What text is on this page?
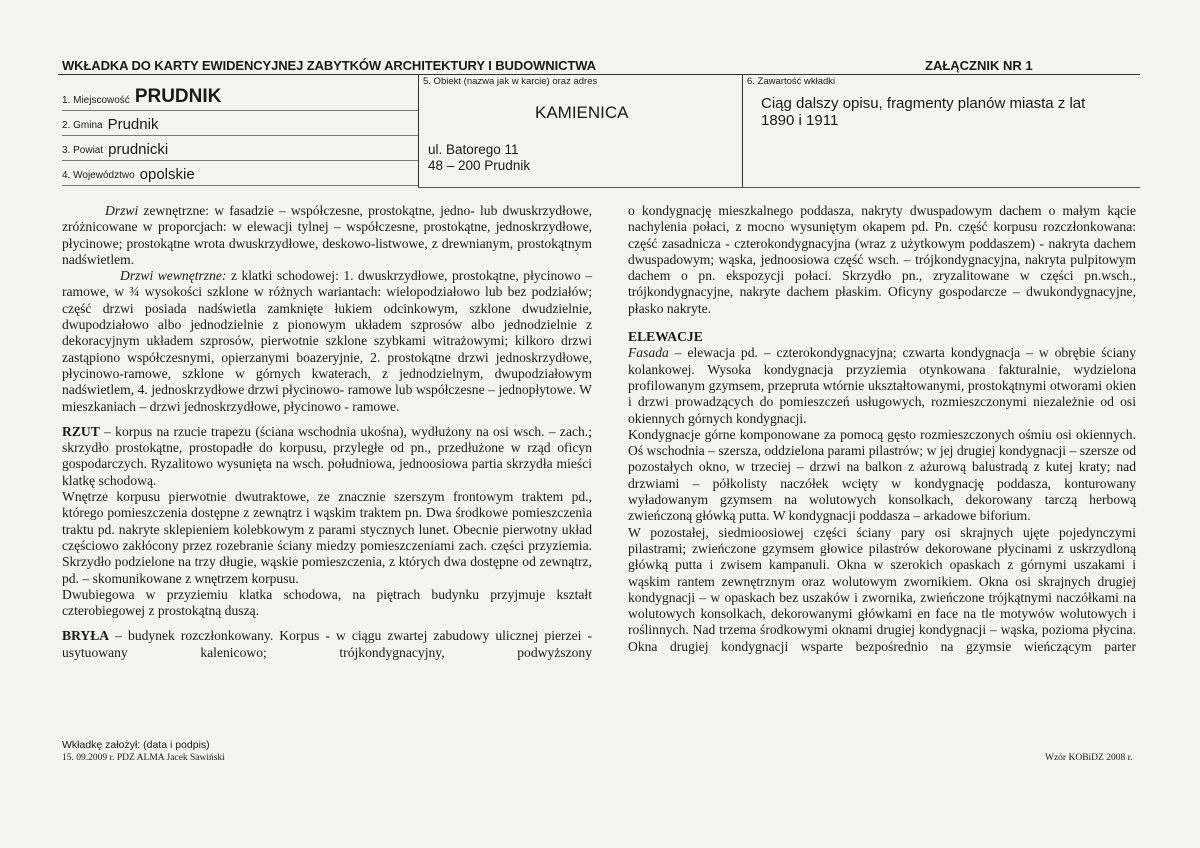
WKŁADKA DO KARTY EWIDENCYJNEJ ZABYTKÓW ARCHITEKTURY I BUDOWNICTWA	ZAŁĄCZNIK NR 1
1. Miejscowość PRUDNIK
2. Gmina Prudnik
3. Powiat prudnicki
4. Województwo opolskie
5. Obiekt (nazwa jak w karcie) oraz adres
KAMIENICA
ul. Batorego 11
48 – 200 Prudnik
6. Zawartość wkładki
Ciąg dalszy opisu, fragmenty planów miasta z lat
1890 i 1911

Drzwi zewnętrzne: w fasadzie – współczesne, prostokątne, jedno- lub dwuskrzydłowe, zróżnicowane w proporcjach: w elewacji tylnej – współczesne, prostokątne, jednoskrzydłowe, płycinowe; prostokątne wrota dwuskrzydłowe, deskowo-listwowe, z drewnianym, prostokątnym nadświetlem.

Drzwi wewnętrzne: z klatki schodowej: 1. dwuskrzydłowe, prostokątne, płycinowo – ramowe, w ¾ wysokości szklone w różnych wariantach: wielopodziałowo lub bez podziałów; część drzwi posiada nadświetla zamknięte łukiem odcinkowym, szklone dwudzielnie, dwupodziałowo albo jednodzielnie z pionowym układem szprosów albo jednodzielnie z dekoracyjnym układem szprosów, pierwotnie szklone szybkami witrażowymi; kilkoro drzwi zastąpiono współczesnymi, opierzanymi boazeryjnie, 2. prostokątne drzwi jednoskrzydłowe, płycinowo-ramowe, szklone w górnych kwaterach, z jednodzielnym, dwupodziałowym nadświetlem, 4. jednoskrzydłowe drzwi płycinowo- ramowe lub współczesne – jednopłytowe. W mieszkaniach – drzwi jednoskrzydłowe, płycinowo - ramowe.

RZUT – korpus na rzucie trapezu (ściana wschodnia ukośna), wydłużony na osi wsch. – zach.; skrzydło prostokątne, prostopadłe do korpusu, przyległe od pn., przedłużone w rząd oficyn gospodarczych. Ryzalitowo wysunięta na wsch. południowa, jednoosiowa partia skrzydła mieści klatkę schodową.

Wnętrze korpusu pierwotnie dwutraktowe, ze znacznie szerszym frontowym traktem pd., którego pomieszczenia dostępne z zewnątrz i wąskim traktem pn. Dwa środkowe pomieszczenia traktu pd. nakryte sklepieniem kolebkowym z parami stycznych lunet. Obecnie pierwotny układ częściowo zakłócony przez rozebranie ściany miedzy pomieszczeniami zach. części przyziemia. Skrzydło podzielone na trzy długie, wąskie pomieszczenia, z których dwa dostępne od zewnątrz, pd. – skomunikowane z wnętrzem korpusu.

Dwubiegowa w przyziemiu klatka schodowa, na piętrach budynku przyjmuje kształt czterobiegowej z prostokątną duszą.

BRYŁA – budynek rozczłonkowany. Korpus - w ciągu zwartej zabudowy ulicznej pierzei - usytuowany kalenicowo; trójkondygnacyjny, podwyższony

o kondygnację mieszkalnego poddasza, nakryty dwuspadowym dachem o małym kącie nachylenia połaci, z mocno wysuniętym okapem pd. Pn. część korpusu rozczłonkowana: część zasadnicza - czterokondygnacyjna (wraz z użytkowym poddaszem) - nakryta dachem dwuspadowym; wąska, jednoosiowa część wsch. – trójkondygnacyjna, nakryta pulpitowym dachem o pn. ekspozycji połaci. Skrzydło pn., zryzalitowane w części pn.wsch., trójkondygnacyjne, nakryte dachem płaskim. Oficyny gospodarcze – dwukondygnacyjne, płasko nakryte.

ELEWACJE

Fasada – elewacja pd. – czterokondygnacyjna; czwarta kondygnacja – w obrębie ściany kolankowej. Wysoka kondygnacja przyziemia otynkowana fakturalnie, wydzielona profilowanym gzymsem, przepruta wtórnie ukształtowanymi, prostokątnymi otworami okien i drzwi prowadzących do pomieszczeń usługowych, rozmieszczonymi niezależnie od osi okiennych górnych kondygnacji.

Kondygnacje górne komponowane za pomocą gęsto rozmieszczonych ośmiu osi okiennych. Oś wschodnia – szersza, oddzielona parami pilastrów; w jej drugiej kondygnacji – szersze od pozostałych okno, w trzeciej – drzwi na balkon z ażurową balustradą z kutej kraty; nad drzwiami – półkolisty naczółek wcięty w kondygnację poddasza, konturowany wyładowanym gzymsem na wolutowych konsolkach, dekorowany tarczą herbową zwieńczoną główką putta. W kondygnacji poddasza – arkadowe biforium.

W pozostałej, siedmioosiowej części ściany pary osi skrajnych ujęte pojedynczymi pilastrami; zwieńczone gzymsem głowice pilastrów dekorowane płycinami z uskrzydloną główką putta i zwisem kampanuli. Okna w szerokich opaskach z górnymi uszakami i wąskim rantem zewnętrznym oraz wolutowym zwornikiem. Okna osi skrajnych drugiej kondygnacji – w opaskach bez uszaków i zwornika, zwieńczone trójkątnymi naczółkami na wolutowych konsolkach, dekorowanymi główkami en face na tle motywów wolutowych i roślinnych. Nad trzema środkowymi oknami drugiej kondygnacji – wąska, pozioma płycina. Okna drugiej kondygnacji wsparte bezpośrednio na gzymsie wieńczącym parter

Wkładkę założył: (data i podpis)
15. 09.2009 r. PDZ ALMA Jacek Sawiński	Wzór KOBiDZ 2008 r.
